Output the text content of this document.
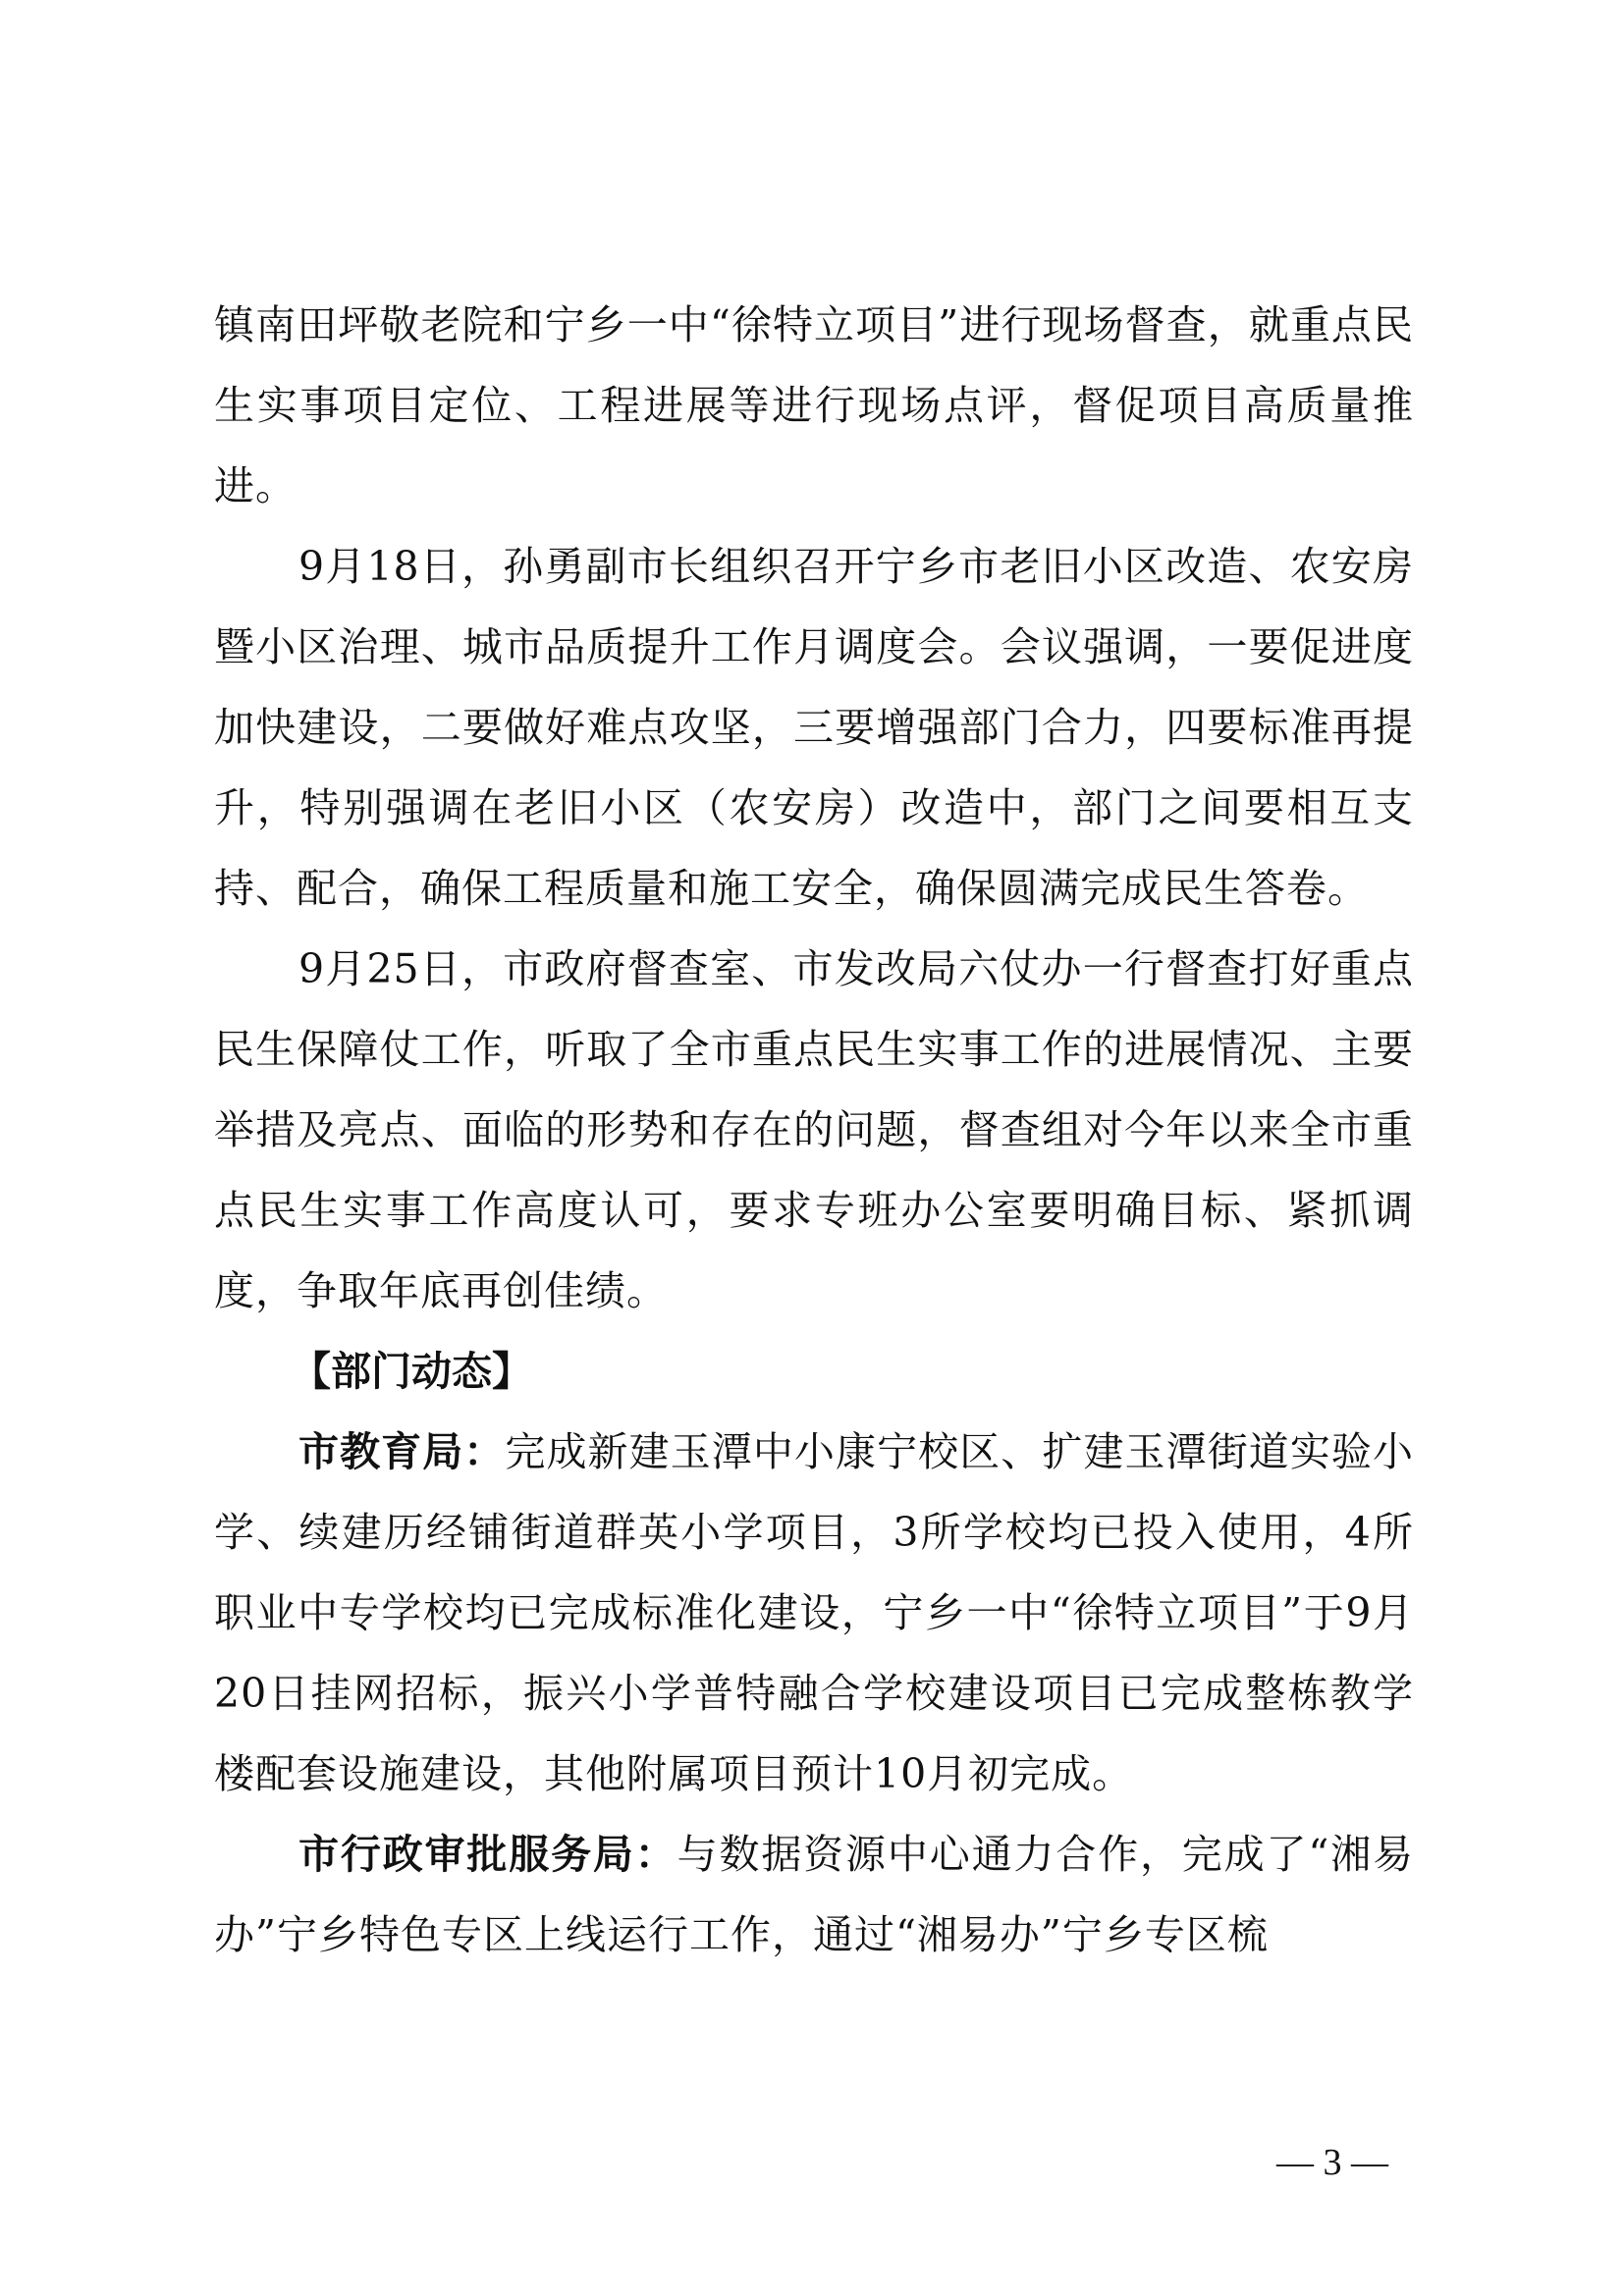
镇南田坪敬老院和宁乡一中“徐特立项目”进行现场督查，就重点民生实事项目定位、工程进展等进行现场点评，督促项目高质量推进。

9月18日，孙勇副市长组织召开宁乡市老旧小区改造、农安房暨小区治理、城市品质提升工作月调度会。会议强调，一要促进度加快建设，二要做好难点攻坚，三要增强部门合力，四要标准再提升，特别强调在老旧小区（农安房）改造中，部门之间要相互支持、配合，确保工程质量和施工安全，确保圆满完成民生答卷。

9月25日，市政府督查室、市发改局六仗办一行督查打好重点民生保障仗工作，听取了全市重点民生实事工作的进展情况、主要举措及亮点、面临的形势和存在的问题，督查组对今年以来全市重点民生实事工作高度认可，要求专班办公室要明确目标、紧抓调度，争取年底再创佳绩。

【部门动态】

市教育局：完成新建玉潭中小康宁校区、扩建玉潭街道实验小学、续建历经铺街道群英小学项目，3所学校均已投入使用，4所职业中专学校均已完成标准化建设，宁乡一中“徐特立项目”于9月20日挂网招标，振兴小学普特融合学校建设项目已完成整栋教学楼配套设施建设，其他附属项目预计10月初完成。

市行政审批服务局：与数据资源中心通力合作，完成了“湘易办”宁乡特色专区上线运行工作，通过“湘易办”宁乡专区梳

— 3 —
